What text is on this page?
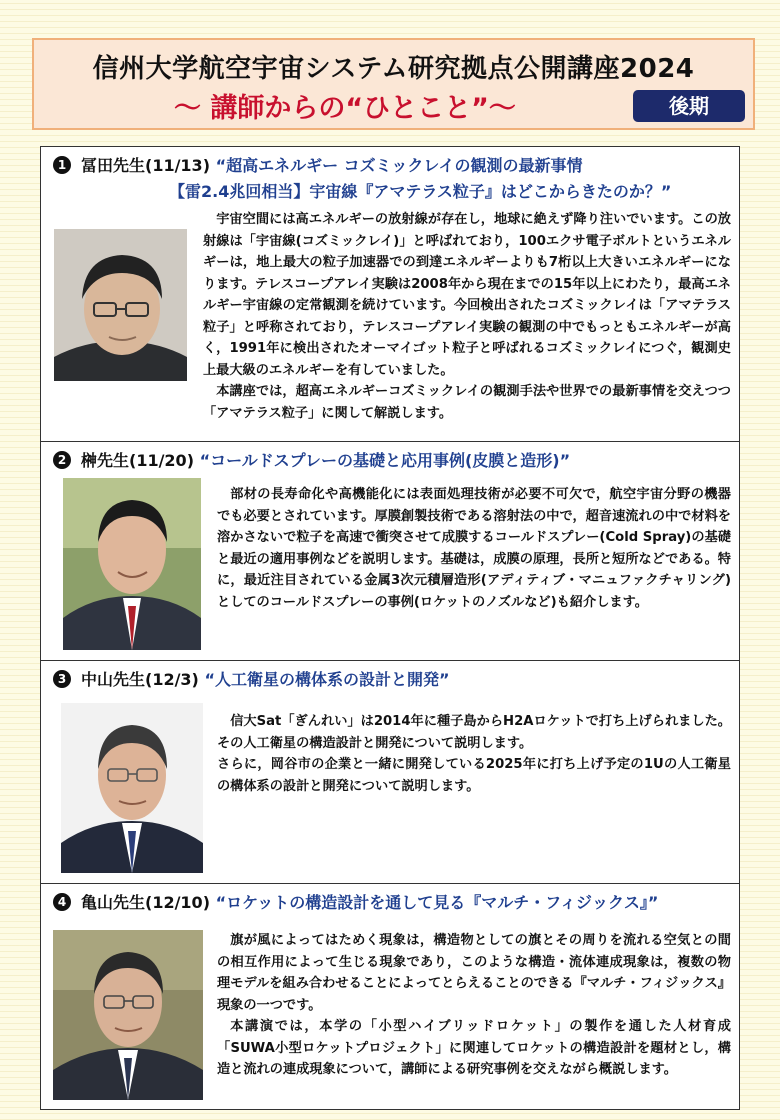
信州大学航空宇宙システム研究拠点公開講座2024
〜 講師からの“ひとこと”〜	後期
1 冨田先生(11/13) “超高エネルギー コズミックレイの観測の最新事情
【雷2.4兆回相当】宇宙線『アマテラス粒子』はどこからきたのか？”

宇宙空間には高エネルギーの放射線が存在し，地球に絶えず降り注いでいます。この放射線は「宇宙線(コズミックレイ)」と呼ばれており，100エクサ電子ボルトというエネルギーは，地上最大の粒子加速器での到達エネルギーよりも7桁以上大きいエネルギーになります。テレスコープアレイ実験は2008年から現在までの15年以上にわたり，最高エネルギー宇宙線の定常観測を続けています。今回検出されたコズミックレイは「アマテラス粒子」と呼称されており，テレスコープアレイ実験の観測の中でもっともエネルギーが高く，1991年に検出されたオーマイゴット粒子と呼ばれるコズミックレイにつぐ，観測史上最大級のエネルギーを有していました。

本講座では，超高エネルギーコズミックレイの観測手法や世界での最新事情を交えつつ「アマテラス粒子」に関して解説します。

2 榊先生(11/20) “コールドスプレーの基礎と応用事例(皮膜と造形)”

部材の長寿命化や高機能化には表面処理技術が必要不可欠で，航空宇宙分野の機器でも必要とされています。厚膜創製技術である溶射法の中で，超音速流れの中で材料を溶かさないで粒子を高速で衝突させて成膜するコールドスプレー(Cold Spray)の基礎と最近の適用事例などを説明します。基礎は，成膜の原理，長所と短所などである。特に，最近注目されている金属3次元積層造形(アディティブ・マニュファクチャリング)としてのコールドスプレーの事例(ロケットのノズルなど)も紹介します。

3 中山先生(12/3) “人工衛星の構体系の設計と開発”

信大Sat「ぎんれい」は2014年に種子島からH2Aロケットで打ち上げられました。その人工衛星の構造設計と開発について説明します。

さらに，岡谷市の企業と一緒に開発している2025年に打ち上げ予定の1Uの人工衛星の構体系の設計と開発について説明します。

4 亀山先生(12/10) “ロケットの構造設計を通して見る『マルチ・フィジックス』”

旗が風によってはためく現象は，構造物としての旗とその周りを流れる空気との間の相互作用によって生じる現象であり，このような構造・流体連成現象は，複数の物理モデルを組み合わせることによってとらえることのできる『マルチ・フィジックス』現象の一つです。

本講演では，本学の「小型ハイブリッドロケット」の製作を通した人材育成「SUWA小型ロケットプロジェクト」に関連してロケットの構造設計を題材とし，構造と流れの連成現象について，講師による研究事例を交えながら概説します。
